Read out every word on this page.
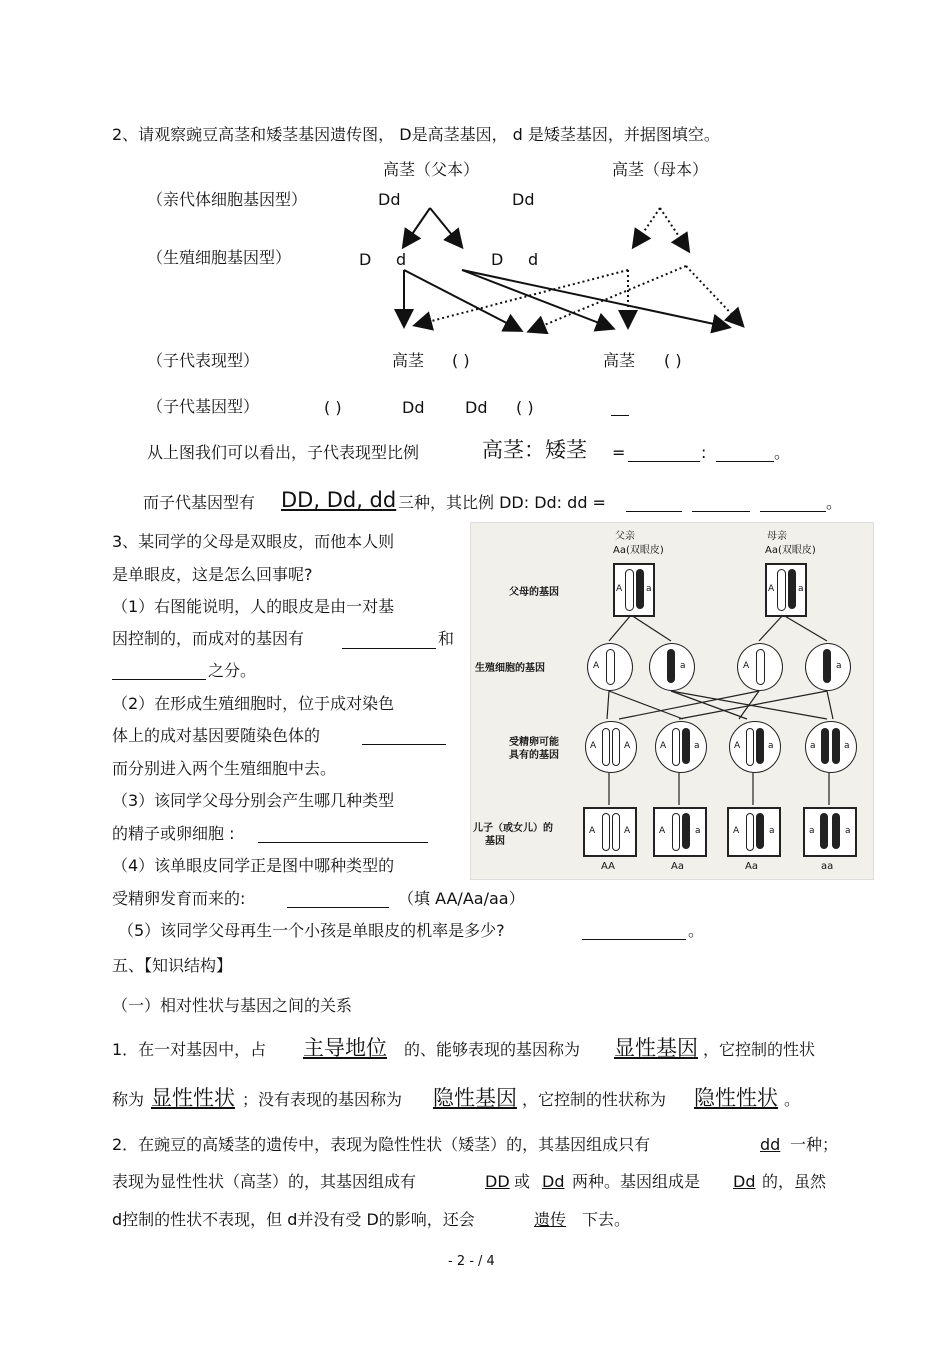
2、请观察豌豆高茎和矮茎基因遗传图， D是高茎基因， d 是矮茎基因，并据图填空。
高茎（父本）	高茎（母本）
（亲代体细胞基因型）	Dd	Dd
（生殖细胞基因型）	D d	D d
（子代表现型）	高茎 ( )	高茎 ( )
（子代基因型）	( )	Dd	Dd ( )
从上图我们可以看出，子代表现型比例	高茎：矮茎 =	:	。
而子代基因型有 DD, Dd, dd 三种，其比例 DD: Dd: dd =	。
3、某同学的父母是双眼皮，而他本人则
是单眼皮，这是怎么回事呢?
（1）右图能说明，人的眼皮是由一对基
因控制的，而成对的基因有	和
之分。
（2）在形成生殖细胞时，位于成对染色
体上的成对基因要随染色体的
而分别进入两个生殖细胞中去。
（3）该同学父母分别会产生哪几种类型
的精子或卵细胞 :
（4）该单眼皮同学正是图中哪种类型的
受精卵发育而来的:	（填 AA/Aa/aa）
（5）该同学父母再生一个小孩是单眼皮的机率是多少?	。
父亲
Aa(双眼皮)
母亲
Aa(双眼皮)
父母的基因
生殖细胞的基因
受精卵可能
具有的基因
儿子（或女儿）的
基因
A	a	A	a
A	a	A	a
A	A	A	a	A	a	a	a
A	A	A	a	A	a	a	a
AA	Aa	Aa	aa
五、【知识结构】
（一）相对性状与基因之间的关系
1．在一对基因中，占 主导地位 的、能够表现的基因称为 显性基因 ，它控制的性状
称为 显性性状 ；没有表现的基因称为 隐性基因 ，它控制的性状称为 隐性性状 。
2．在豌豆的高矮茎的遗传中，表现为隐性性状（矮茎）的，其基因组成只有	dd 一种；
表现为显性性状（高茎）的，其基因组成有	DD 或 Dd 两种。基因组成是 Dd 的，虽然
d控制的性状不表现，但 d并没有受 D的影响，还会	遗传 下去。
- 2 - / 4
